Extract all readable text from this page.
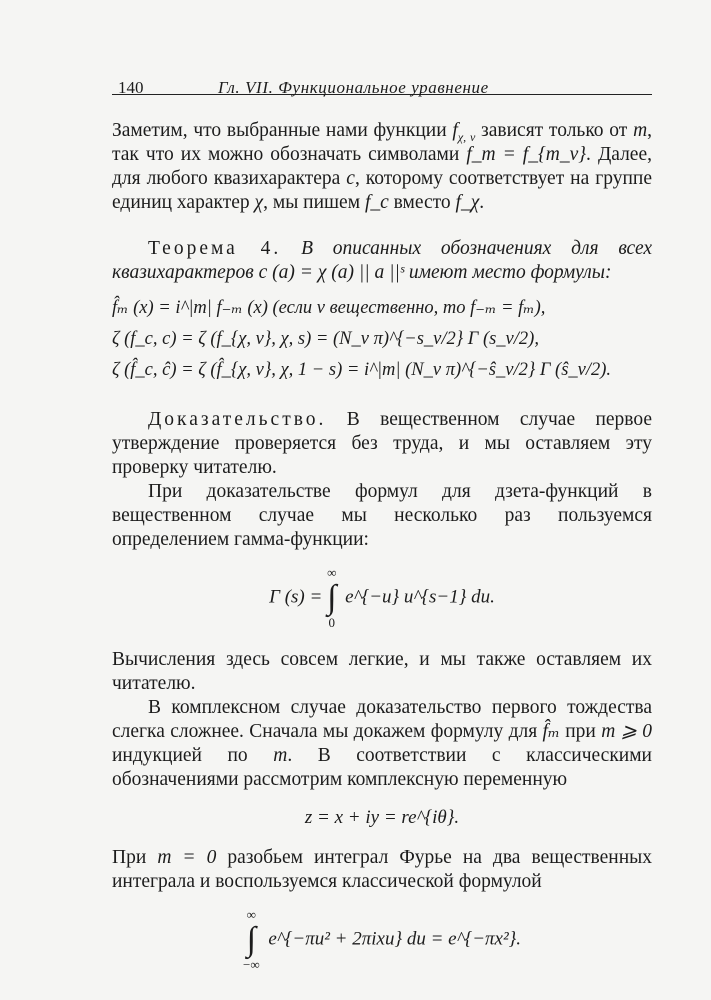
140	Гл. VII. Функциональное уравнение

Заметим, что выбранные нами функции $f_{\chi, v}$ зависят только от m, так что их можно обозначать символами f_m = f_{m_v}. Далее, для любого квазихарактера c, которому соответствует на группе единиц характер χ, мы пишем f_c вместо f_χ.

Теорема 4. В описанных обозначениях для всех квазихарактеров c (a) = χ (a) || a ||ˢ имеют место формулы:

f̂ₘ (x) = i^|m| f₋ₘ (x) (если v вещественно, то f₋ₘ = fₘ),
ζ (f_c, c) = ζ (f_{χ, v}, χ, s) = (N_v π)^{−s_v/2} Γ (s_v/2),
ζ (f̂_c, ĉ) = ζ (f̂_{χ, v}, χ, 1 − s) = i^|m| (N_v π)^{−ŝ_v/2} Γ (ŝ_v/2).

Доказательство. В вещественном случае первое утверждение проверяется без труда, и мы оставляем эту проверку читателю.

При доказательстве формул для дзета-функций в вещественном случае мы несколько раз пользуемся определением гамма-функции:

Γ (s) = ∞
∫
0 e^{−u} u^{s−1} du.

Вычисления здесь совсем легкие, и мы также оставляем их читателю.

В комплексном случае доказательство первого тождества слегка сложнее. Сначала мы докажем формулу для f̂ₘ при m ⩾ 0 индукцией по m. В соответствии с классическими обозначениями рассмотрим комплексную переменную

z = x + iy = re^{iθ}.

При m = 0 разобьем интеграл Фурье на два вещественных интеграла и воспользуемся классической формулой

∞
∫
−∞ e^{−πu² + 2πixu} du = e^{−πx²}.
